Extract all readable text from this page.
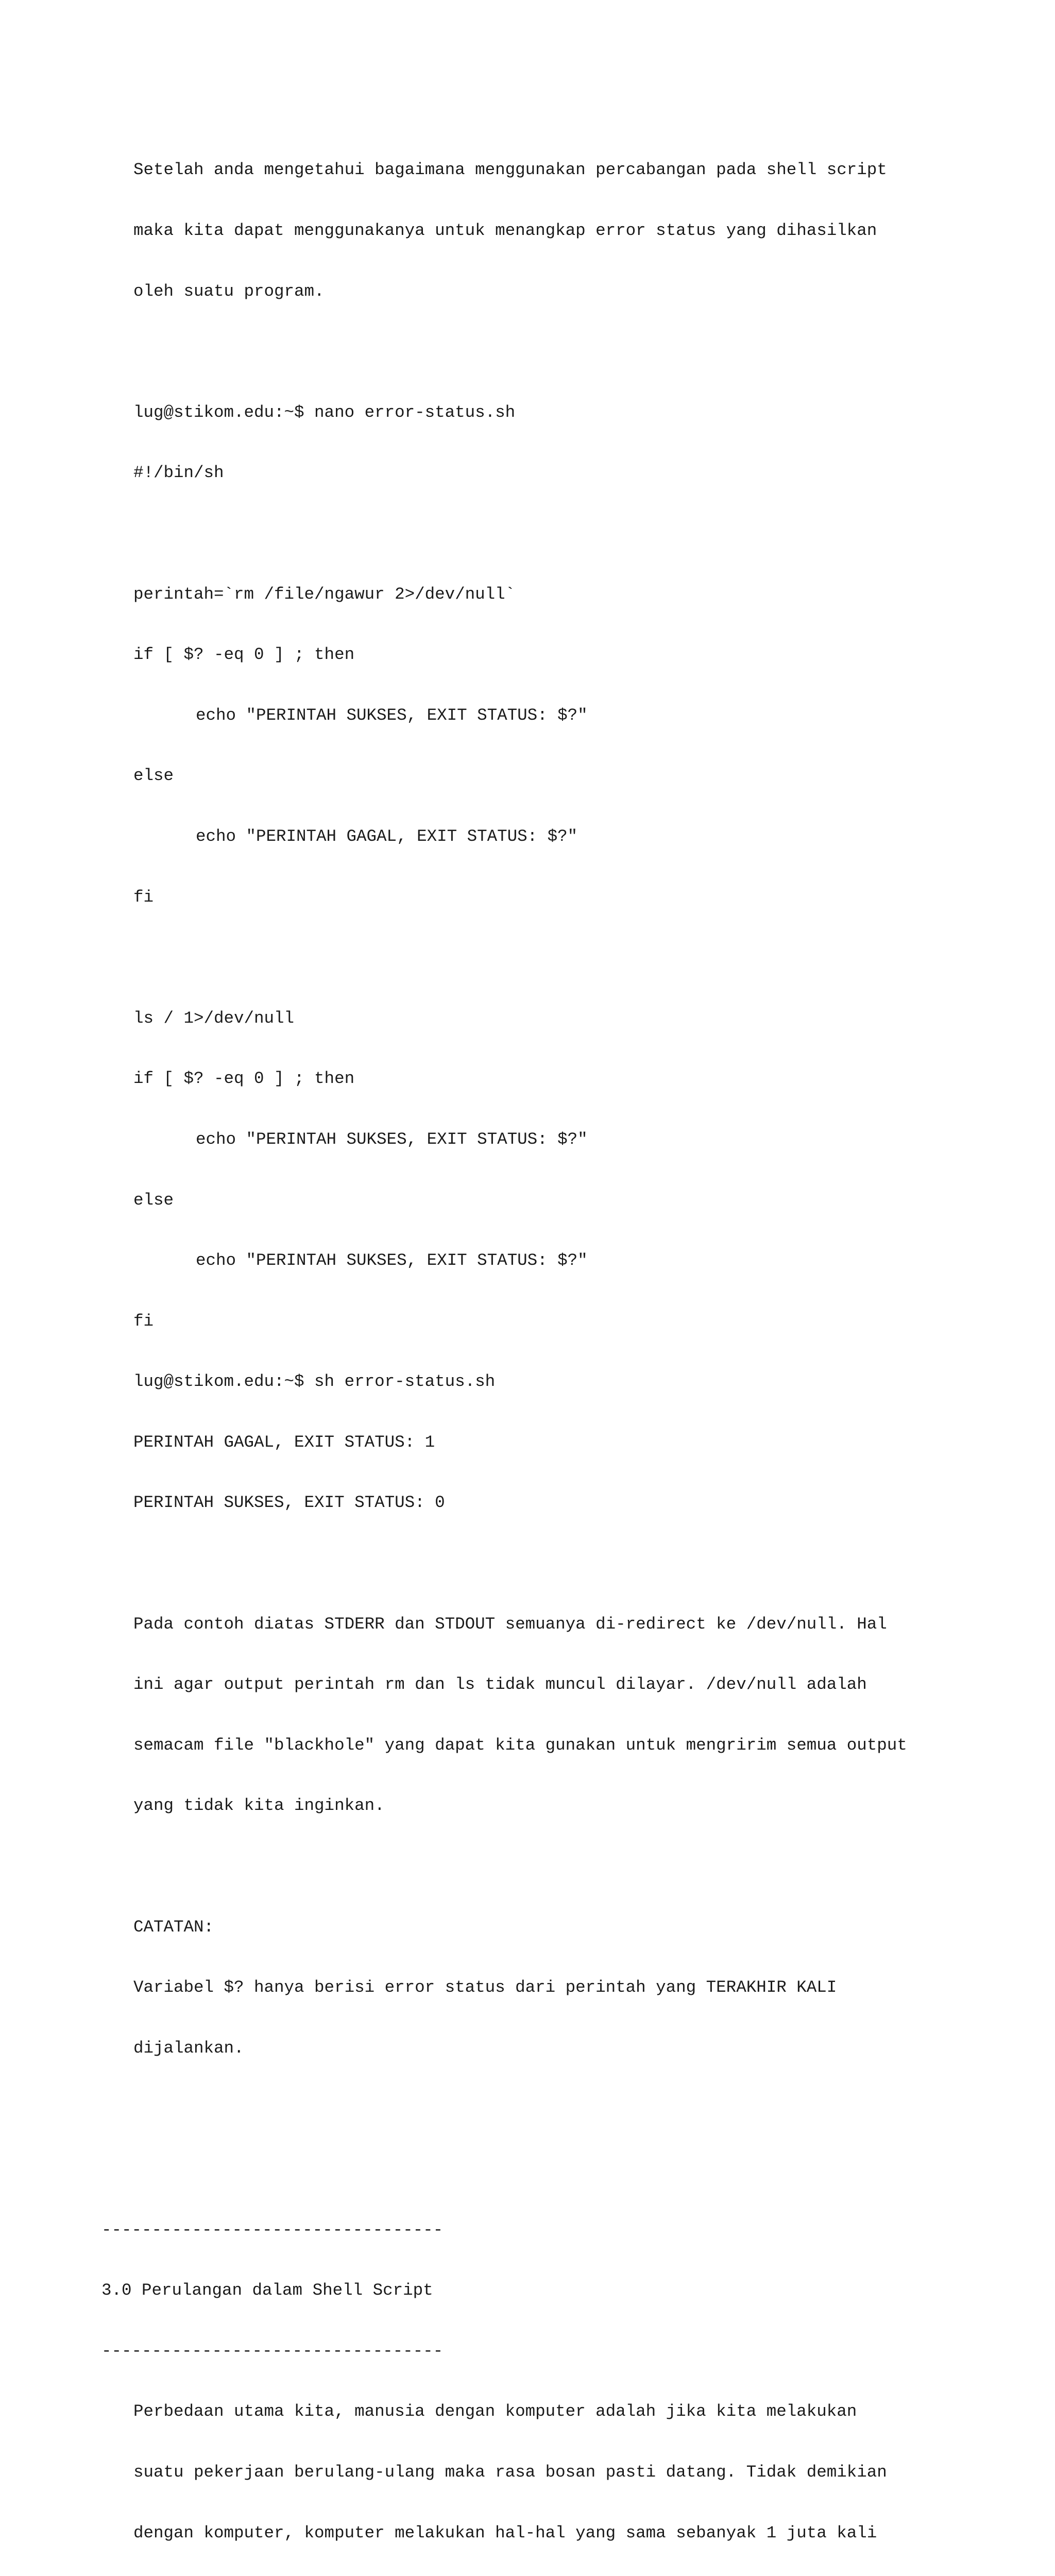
Setelah anda mengetahui bagaimana menggunakan percabangan pada shell script

maka kita dapat menggunakanya untuk menangkap error status yang dihasilkan

oleh suatu program.

lug@stikom.edu:~$ nano error-status.sh

#!/bin/sh

perintah=`rm /file/ngawur 2>/dev/null`

if [ $? -eq 0 ] ; then

echo "PERINTAH SUKSES, EXIT STATUS: $?"

else

echo "PERINTAH GAGAL, EXIT STATUS: $?"

fi

ls / 1>/dev/null

if [ $? -eq 0 ] ; then

echo "PERINTAH SUKSES, EXIT STATUS: $?"

else

echo "PERINTAH SUKSES, EXIT STATUS: $?"

fi

lug@stikom.edu:~$ sh error-status.sh

PERINTAH GAGAL, EXIT STATUS: 1

PERINTAH SUKSES, EXIT STATUS: 0

Pada contoh diatas STDERR dan STDOUT semuanya di-redirect ke /dev/null. Hal

ini agar output perintah rm dan ls tidak muncul dilayar. /dev/null adalah

semacam file "blackhole" yang dapat kita gunakan untuk mengririm semua output

yang tidak kita inginkan.

CATATAN:

Variabel $? hanya berisi error status dari perintah yang TERAKHIR KALI

dijalankan.

----------------------------------

3.0 Perulangan dalam Shell Script

----------------------------------

Perbedaan utama kita, manusia dengan komputer adalah jika kita melakukan

suatu pekerjaan berulang-ulang maka rasa bosan pasti datang. Tidak demikian

dengan komputer, komputer melakukan hal-hal yang sama sebanyak 1 juta kali
